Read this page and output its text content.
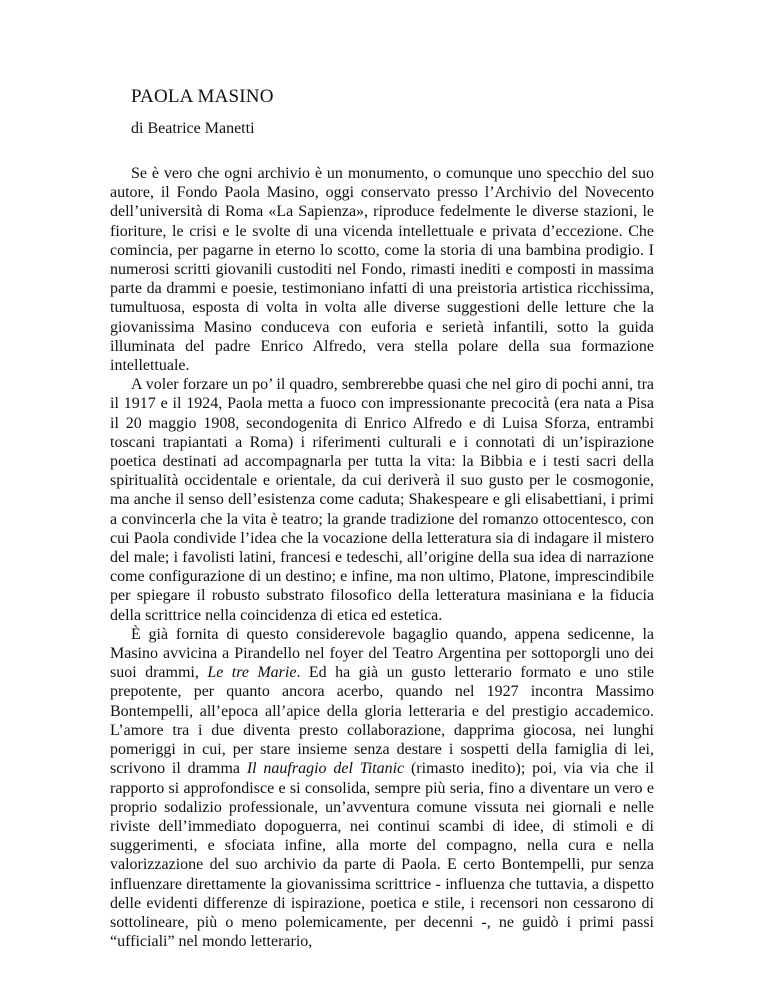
PAOLA MASINO

di Beatrice Manetti

Se è vero che ogni archivio è un monumento, o comunque uno specchio del suo autore, il Fondo Paola Masino, oggi conservato presso l’Archivio del Novecento dell’università di Roma «La Sapienza», riproduce fedelmente le diverse stazioni, le fioriture, le crisi e le svolte di una vicenda intellettuale e privata d’eccezione. Che comincia, per pagarne in eterno lo scotto, come la storia di una bambina prodigio. I numerosi scritti giovanili custoditi nel Fondo, rimasti inediti e composti in massima parte da drammi e poesie, testimoniano infatti di una preistoria artistica ricchissima, tumultuosa, esposta di volta in volta alle diverse suggestioni delle letture che la giovanissima Masino conduceva con euforia e serietà infantili, sotto la guida illuminata del padre Enrico Alfredo, vera stella polare della sua formazione intellettuale.

A voler forzare un po’ il quadro, sembrerebbe quasi che nel giro di pochi anni, tra il 1917 e il 1924, Paola metta a fuoco con impressionante precocità (era nata a Pisa il 20 maggio 1908, secondogenita di Enrico Alfredo e di Luisa Sforza, entrambi toscani trapiantati a Roma) i riferimenti culturali e i connotati di un’ispirazione poetica destinati ad accompagnarla per tutta la vita: la Bibbia e i testi sacri della spiritualità occidentale e orientale, da cui deriverà il suo gusto per le cosmogonie, ma anche il senso dell’esistenza come caduta; Shakespeare e gli elisabettiani, i primi a convincerla che la vita è teatro; la grande tradizione del romanzo ottocentesco, con cui Paola condivide l’idea che la vocazione della letteratura sia di indagare il mistero del male; i favolisti latini, francesi e tedeschi, all’origine della sua idea di narrazione come configurazione di un destino; e infine, ma non ultimo, Platone, imprescindibile per spiegare il robusto substrato filosofico della letteratura masiniana e la fiducia della scrittrice nella coincidenza di etica ed estetica.

È già fornita di questo considerevole bagaglio quando, appena sedicenne, la Masino avvicina a Pirandello nel foyer del Teatro Argentina per sottoporgli uno dei suoi drammi, Le tre Marie. Ed ha già un gusto letterario formato e uno stile prepotente, per quanto ancora acerbo, quando nel 1927 incontra Massimo Bontempelli, all’epoca all’apice della gloria letteraria e del prestigio accademico. L’amore tra i due diventa presto collaborazione, dapprima giocosa, nei lunghi pomeriggi in cui, per stare insieme senza destare i sospetti della famiglia di lei, scrivono il dramma Il naufragio del Titanic (rimasto inedito); poi, via via che il rapporto si approfondisce e si consolida, sempre più seria, fino a diventare un vero e proprio sodalizio professionale, un’avventura comune vissuta nei giornali e nelle riviste dell’immediato dopoguerra, nei continui scambi di idee, di stimoli e di suggerimenti, e sfociata infine, alla morte del compagno, nella cura e nella valorizzazione del suo archivio da parte di Paola. E certo Bontempelli, pur senza influenzare direttamente la giovanissima scrittrice - influenza che tuttavia, a dispetto delle evidenti differenze di ispirazione, poetica e stile, i recensori non cessarono di sottolineare, più o meno polemicamente, per decenni -, ne guidò i primi passi “ufficiali” nel mondo letterario,
